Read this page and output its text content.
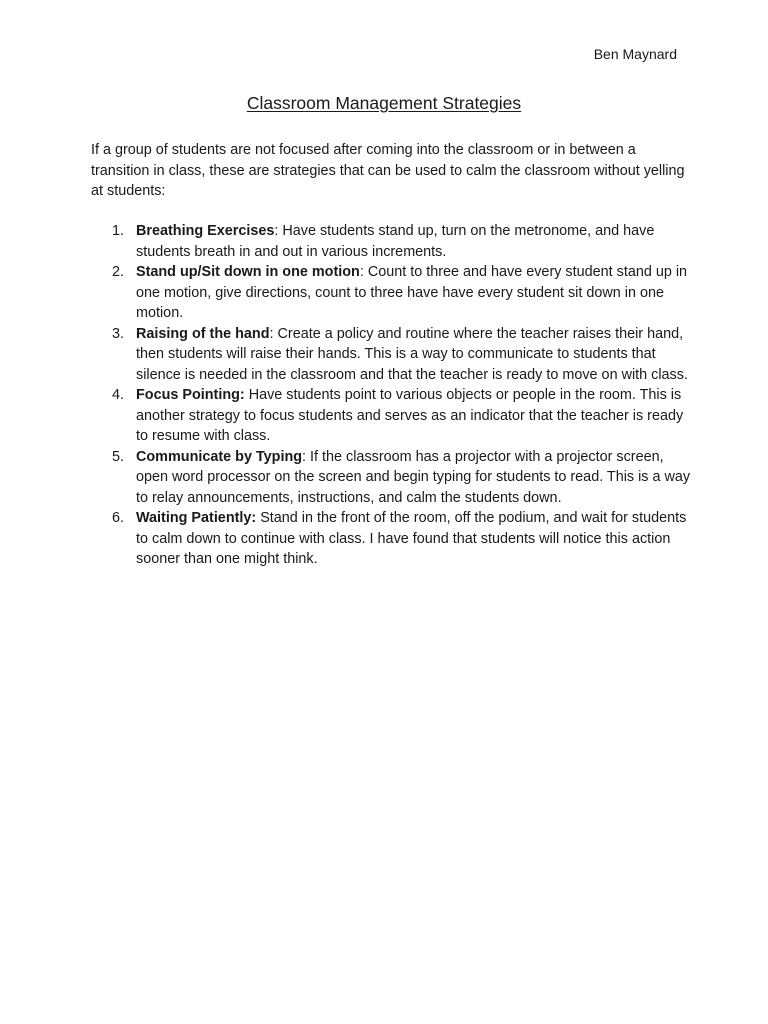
Ben Maynard
Classroom Management Strategies

If a group of students are not focused after coming into the classroom or in between a transition in class, these are strategies that can be used to calm the classroom without yelling at students:

1. Breathing Exercises: Have students stand up, turn on the metronome, and have students breath in and out in various increments.
2. Stand up/Sit down in one motion: Count to three and have every student stand up in one motion, give directions, count to three have have every student sit down in one motion.
3. Raising of the hand: Create a policy and routine where the teacher raises their hand, then students will raise their hands. This is a way to communicate to students that silence is needed in the classroom and that the teacher is ready to move on with class.
4. Focus Pointing: Have students point to various objects or people in the room. This is another strategy to focus students and serves as an indicator that the teacher is ready to resume with class.
5. Communicate by Typing: If the classroom has a projector with a projector screen, open word processor on the screen and begin typing for students to read. This is a way to relay announcements, instructions, and calm the students down.
6. Waiting Patiently: Stand in the front of the room, off the podium, and wait for students to calm down to continue with class. I have found that students will notice this action sooner than one might think.
